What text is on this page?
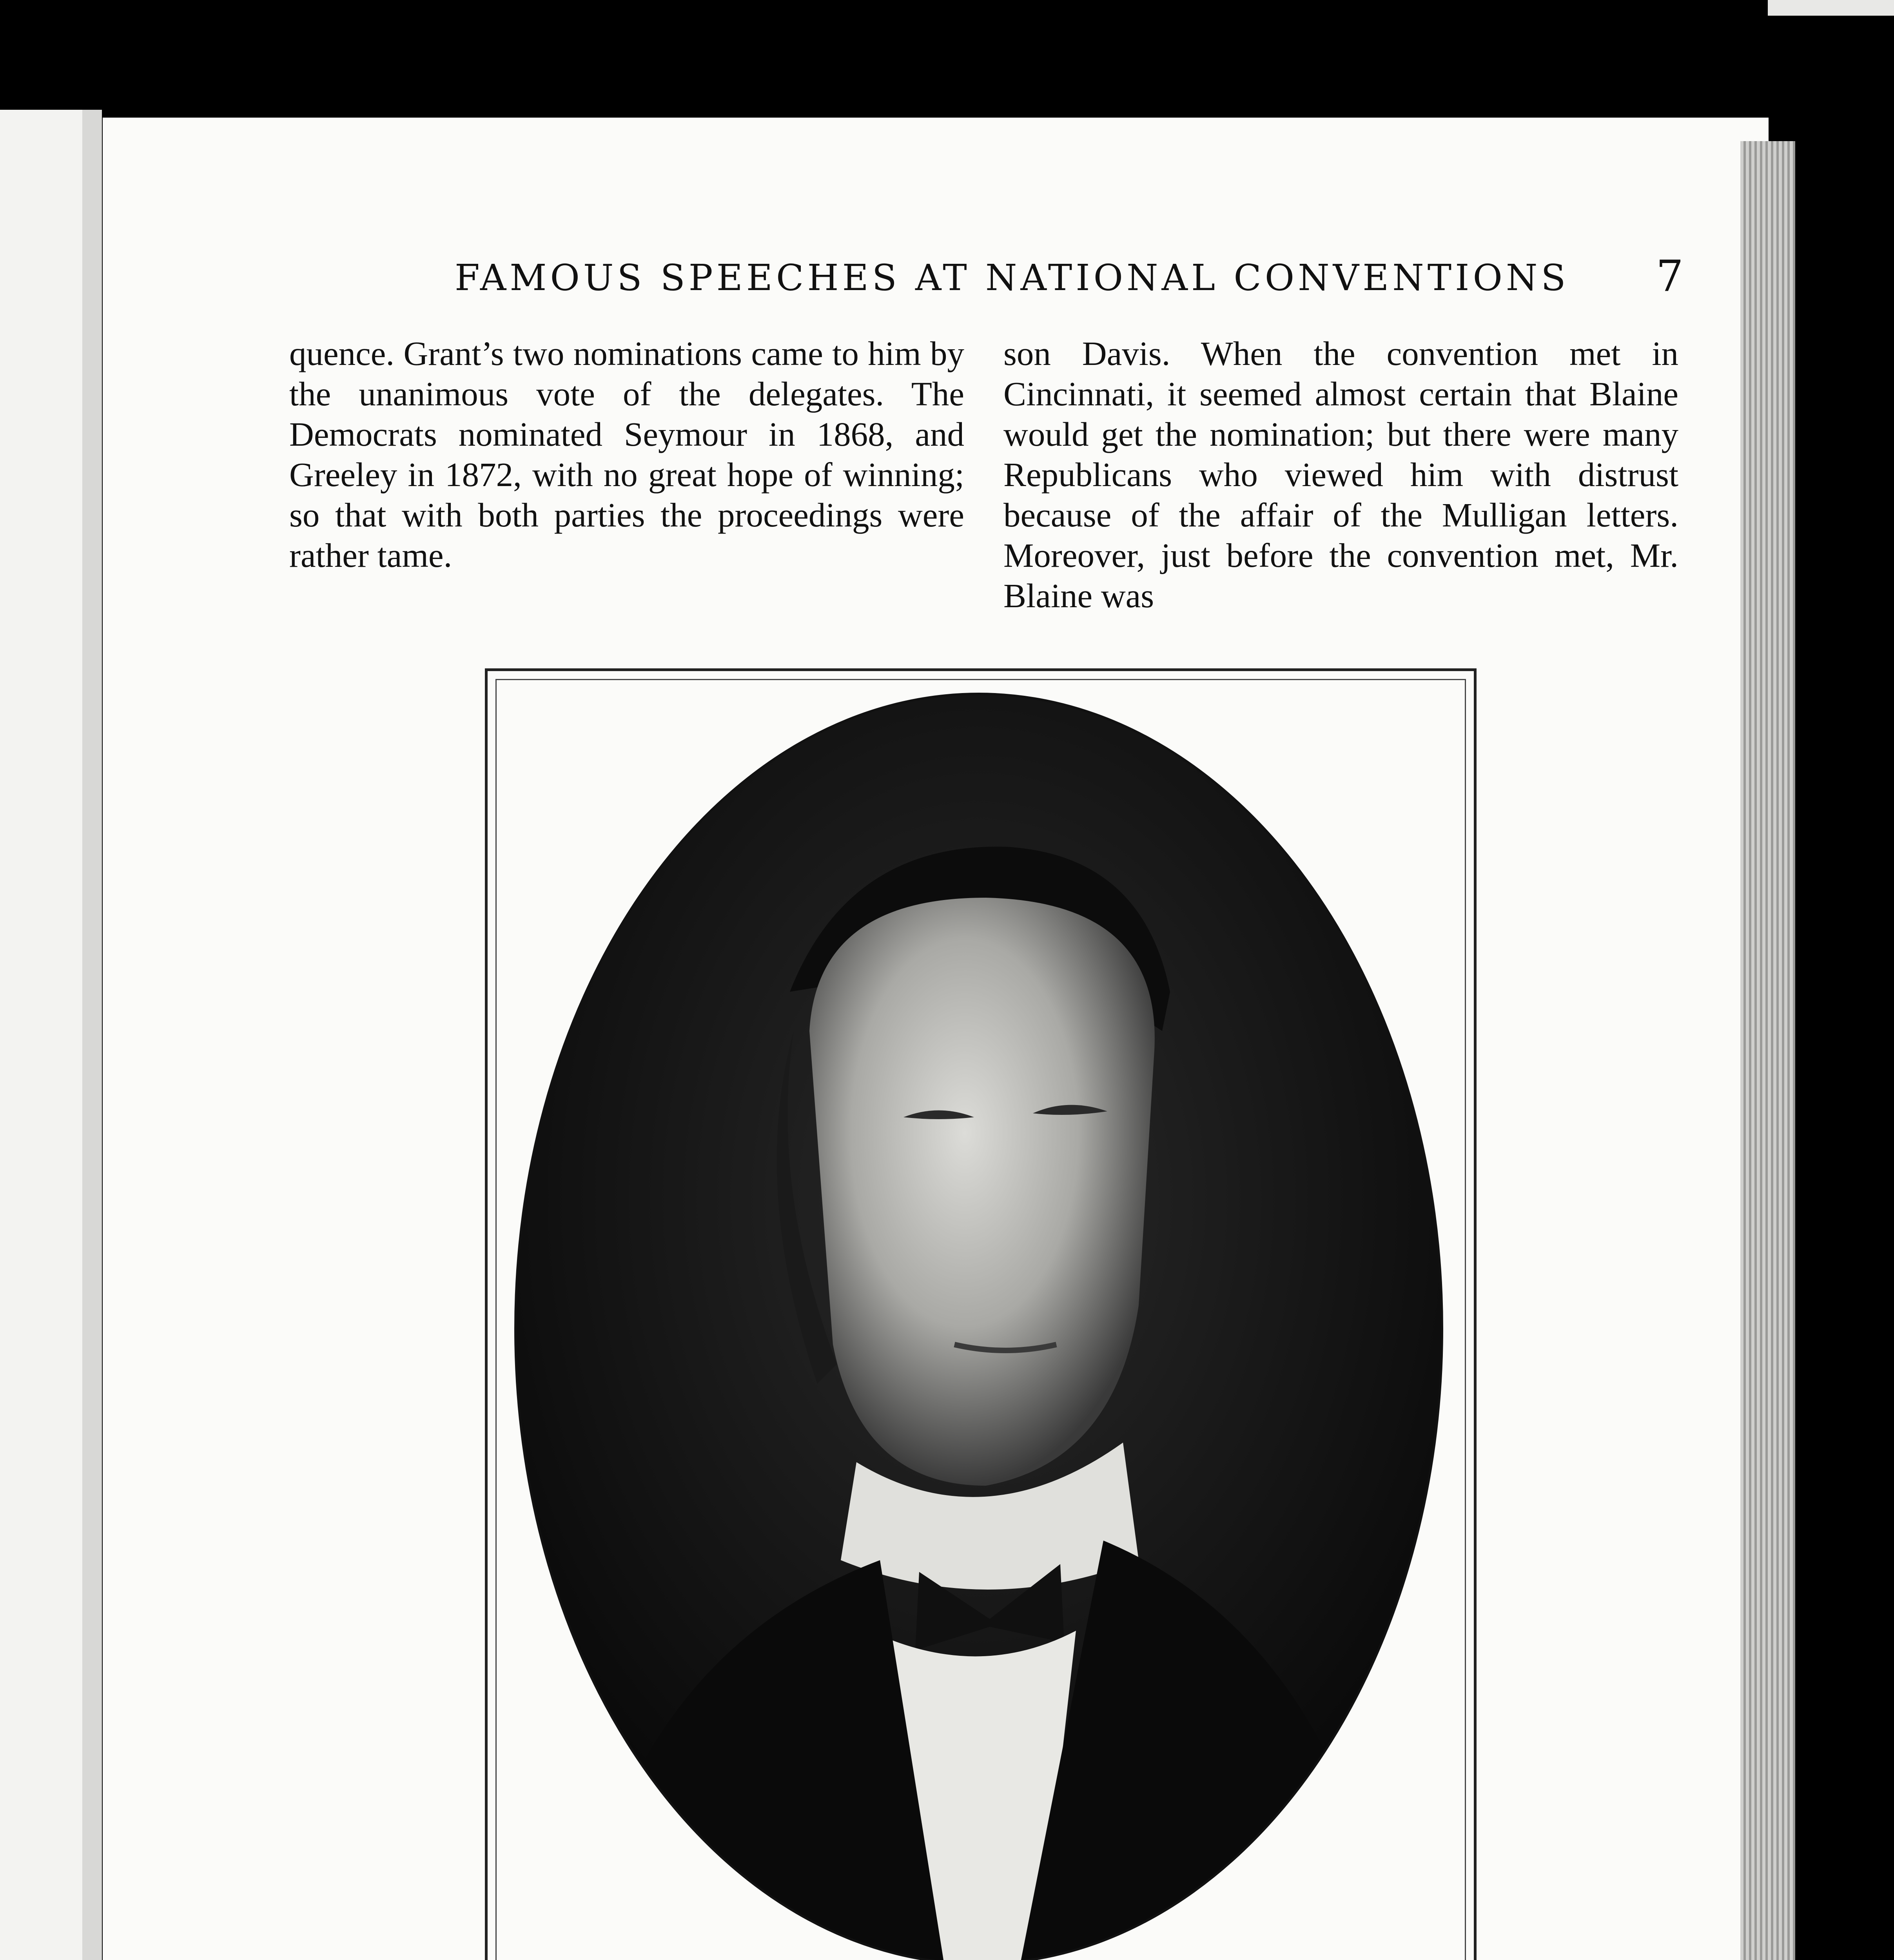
FAMOUS SPEECHES AT NATIONAL CONVENTIONS	7

quence. Grant’s two nominations came to him by the unanimous vote of the delegates. The Democrats nominated Seymour in 1868, and Greeley in 1872, with no great hope of winning; so that with both parties the proceedings were rather tame.

son Davis. When the convention met in Cincinnati, it seemed almost certain that Blaine would get the nomination; but there were many Republicans who viewed him with distrust because of the affair of the Mulligan letters. Moreover, just before the convention met, Mr. Blaine was
